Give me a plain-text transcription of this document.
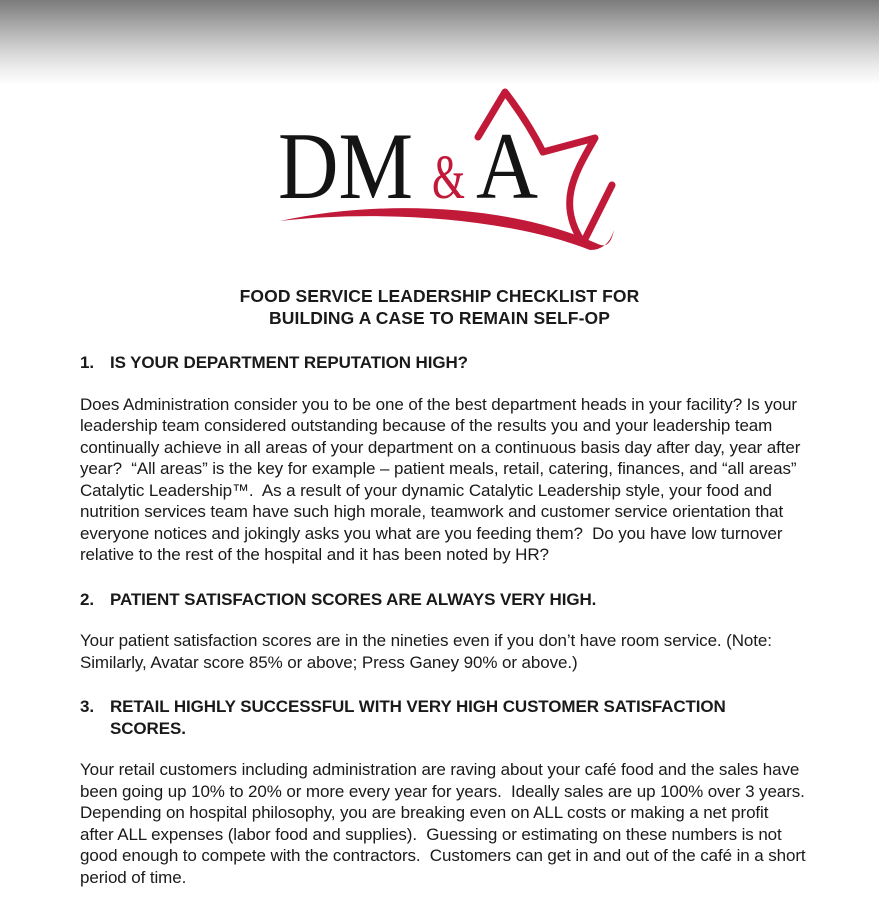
DM & A
FOOD SERVICE LEADERSHIP CHECKLIST FOR
BUILDING A CASE TO REMAIN SELF-OP
1. IS YOUR DEPARTMENT REPUTATION HIGH?

Does Administration consider you to be one of the best department heads in your facility? Is your leadership team considered outstanding because of the results you and your leadership team continually achieve in all areas of your department on a continuous basis day after day, year after year?  “All areas” is the key for example – patient meals, retail, catering, finances, and “all areas” Catalytic Leadership™.  As a result of your dynamic Catalytic Leadership style, your food and nutrition services team have such high morale, teamwork and customer service orientation that everyone notices and jokingly asks you what are you feeding them?  Do you have low turnover relative to the rest of the hospital and it has been noted by HR?

2. PATIENT SATISFACTION SCORES ARE ALWAYS VERY HIGH.

Your patient satisfaction scores are in the nineties even if you don’t have room service. (Note: Similarly, Avatar score 85% or above; Press Ganey 90% or above.)

3. RETAIL HIGHLY SUCCESSFUL WITH VERY HIGH CUSTOMER SATISFACTION SCORES.

Your retail customers including administration are raving about your café food and the sales have been going up 10% to 20% or more every year for years.  Ideally sales are up 100% over 3 years.  Depending on hospital philosophy, you are breaking even on ALL costs or making a net profit after ALL expenses (labor food and supplies).  Guessing or estimating on these numbers is not good enough to compete with the contractors.  Customers can get in and out of the café in a short period of time.
